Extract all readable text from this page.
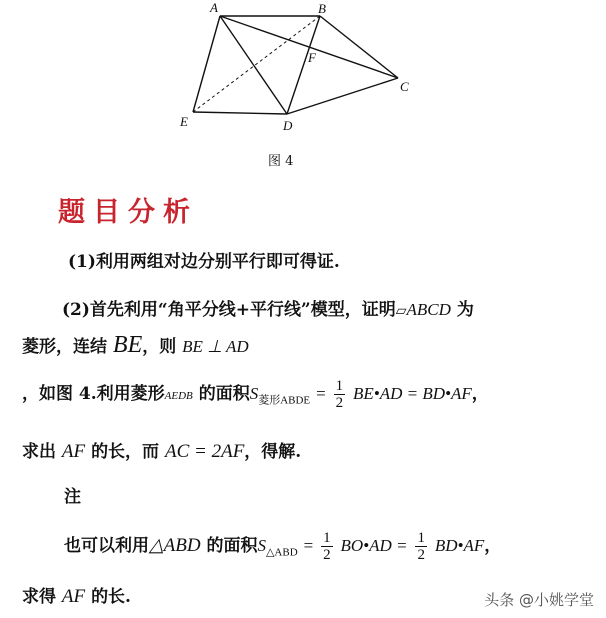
A	B
C
D
E
F
图 4
题目分析
(1)利用两组对边分别平行即可得证.
(2)首先利用“角平分线+平行线”模型，证明▱ABCD 为
菱形，连结 BE，则 BE ⊥ AD
，如图 4.利用菱形AEDB 的面积$S_{菱形ABDE} = \frac{1}{2}$ BE•AD = BD•AF，
求出 AF 的长，而 AC = 2AF，得解.
注
也可以利用△ABD 的面积$S_{\triangle ABD} = \frac{1}{2}$ BO•AD = $\frac{1}{2}$ BD•AF，
求得 AF 的长.	头条 @小姚学堂
